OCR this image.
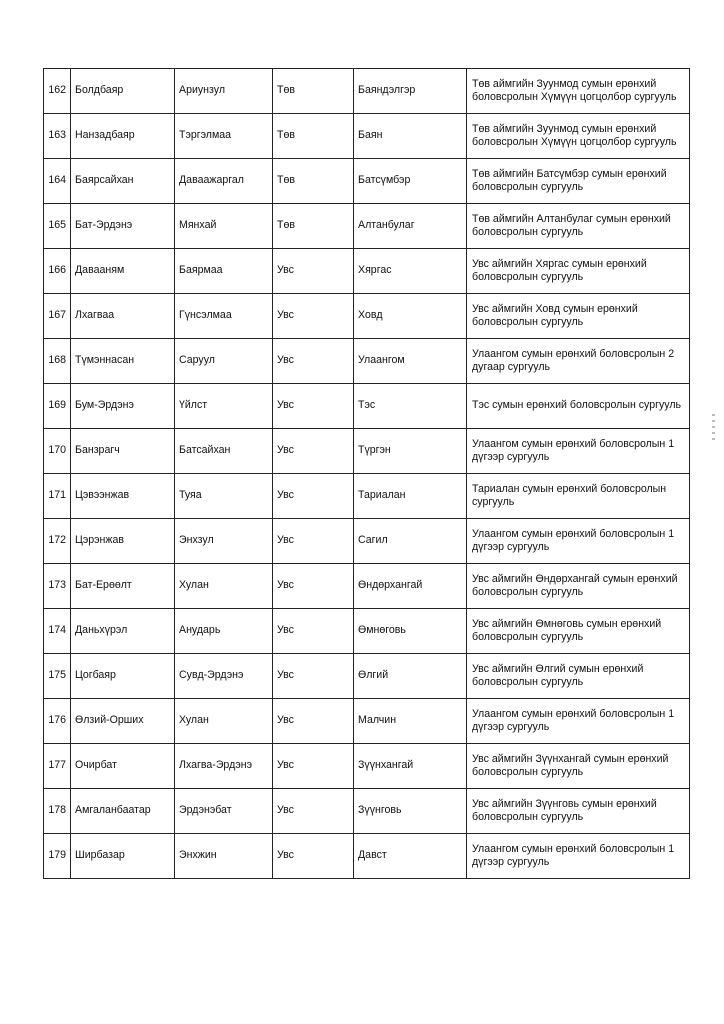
162	Болдбаяр	Ариунзул	Төв	Баяндэлгэр	Төв аймгийн Зуунмод сумын ерөнхий боловсролын Хүмүүн цогцолбор сургууль
163	Нанзадбаяр	Тэргэлмаа	Төв	Баян	Төв аймгийн Зуунмод сумын ерөнхий боловсролын Хүмүүн цогцолбор сургууль
164	Баярсайхан	Даваажаргал	Төв	Батсүмбэр	Төв аймгийн Батсүмбэр сумын ерөнхий боловсролын сургууль
165	Бат-Эрдэнэ	Мянхай	Төв	Алтанбулаг	Төв аймгийн Алтанбулаг сумын ерөнхий боловсролын сургууль
166	Давааням	Баярмаа	Увс	Хяргас	Увс аймгийн Хяргас сумын ерөнхий боловсролын сургууль
167	Лхагваа	Гүнсэлмаа	Увс	Ховд	Увс аймгийн Ховд сумын ерөнхий боловсролын сургууль
168	Түмэннасан	Саруул	Увс	Улаангом	Улаангом сумын ерөнхий боловсролын 2 дугаар сургууль
169	Бум-Эрдэнэ	Үйлст	Увс	Тэс	Тэс сумын ерөнхий боловсролын сургууль
170	Банзрагч	Батсайхан	Увс	Түргэн	Улаангом сумын ерөнхий боловсролын 1 дүгээр сургууль
171	Цэвээнжав	Туяа	Увс	Тариалан	Тариалан сумын ерөнхий боловсролын сургууль
172	Цэрэнжав	Энхзул	Увс	Сагил	Улаангом сумын ерөнхий боловсролын 1 дүгээр сургууль
173	Бат-Ерөөлт	Хулан	Увс	Өндөрхангай	Увс аймгийн Өндөрхангай сумын ерөнхий боловсролын сургууль
174	Даньхүрэл	Анударь	Увс	Өмнөговь	Увс аймгийн Өмнөговь сумын ерөнхий боловсролын сургууль
175	Цогбаяр	Сувд-Эрдэнэ	Увс	Өлгий	Увс аймгийн Өлгий сумын ерөнхий боловсролын сургууль
176	Өлзий-Орших	Хулан	Увс	Малчин	Улаангом сумын ерөнхий боловсролын 1 дүгээр сургууль
177	Очирбат	Лхагва-Эрдэнэ	Увс	Зүүнхангай	Увс аймгийн Зүүнхангай сумын ерөнхий боловсролын сургууль
178	Амгаланбаатар	Эрдэнэбат	Увс	Зүүнговь	Увс аймгийн Зүүнговь сумын ерөнхий боловсролын сургууль
179	Ширбазар	Энхжин	Увс	Давст	Улаангом сумын ерөнхий боловсролын 1 дүгээр сургууль
